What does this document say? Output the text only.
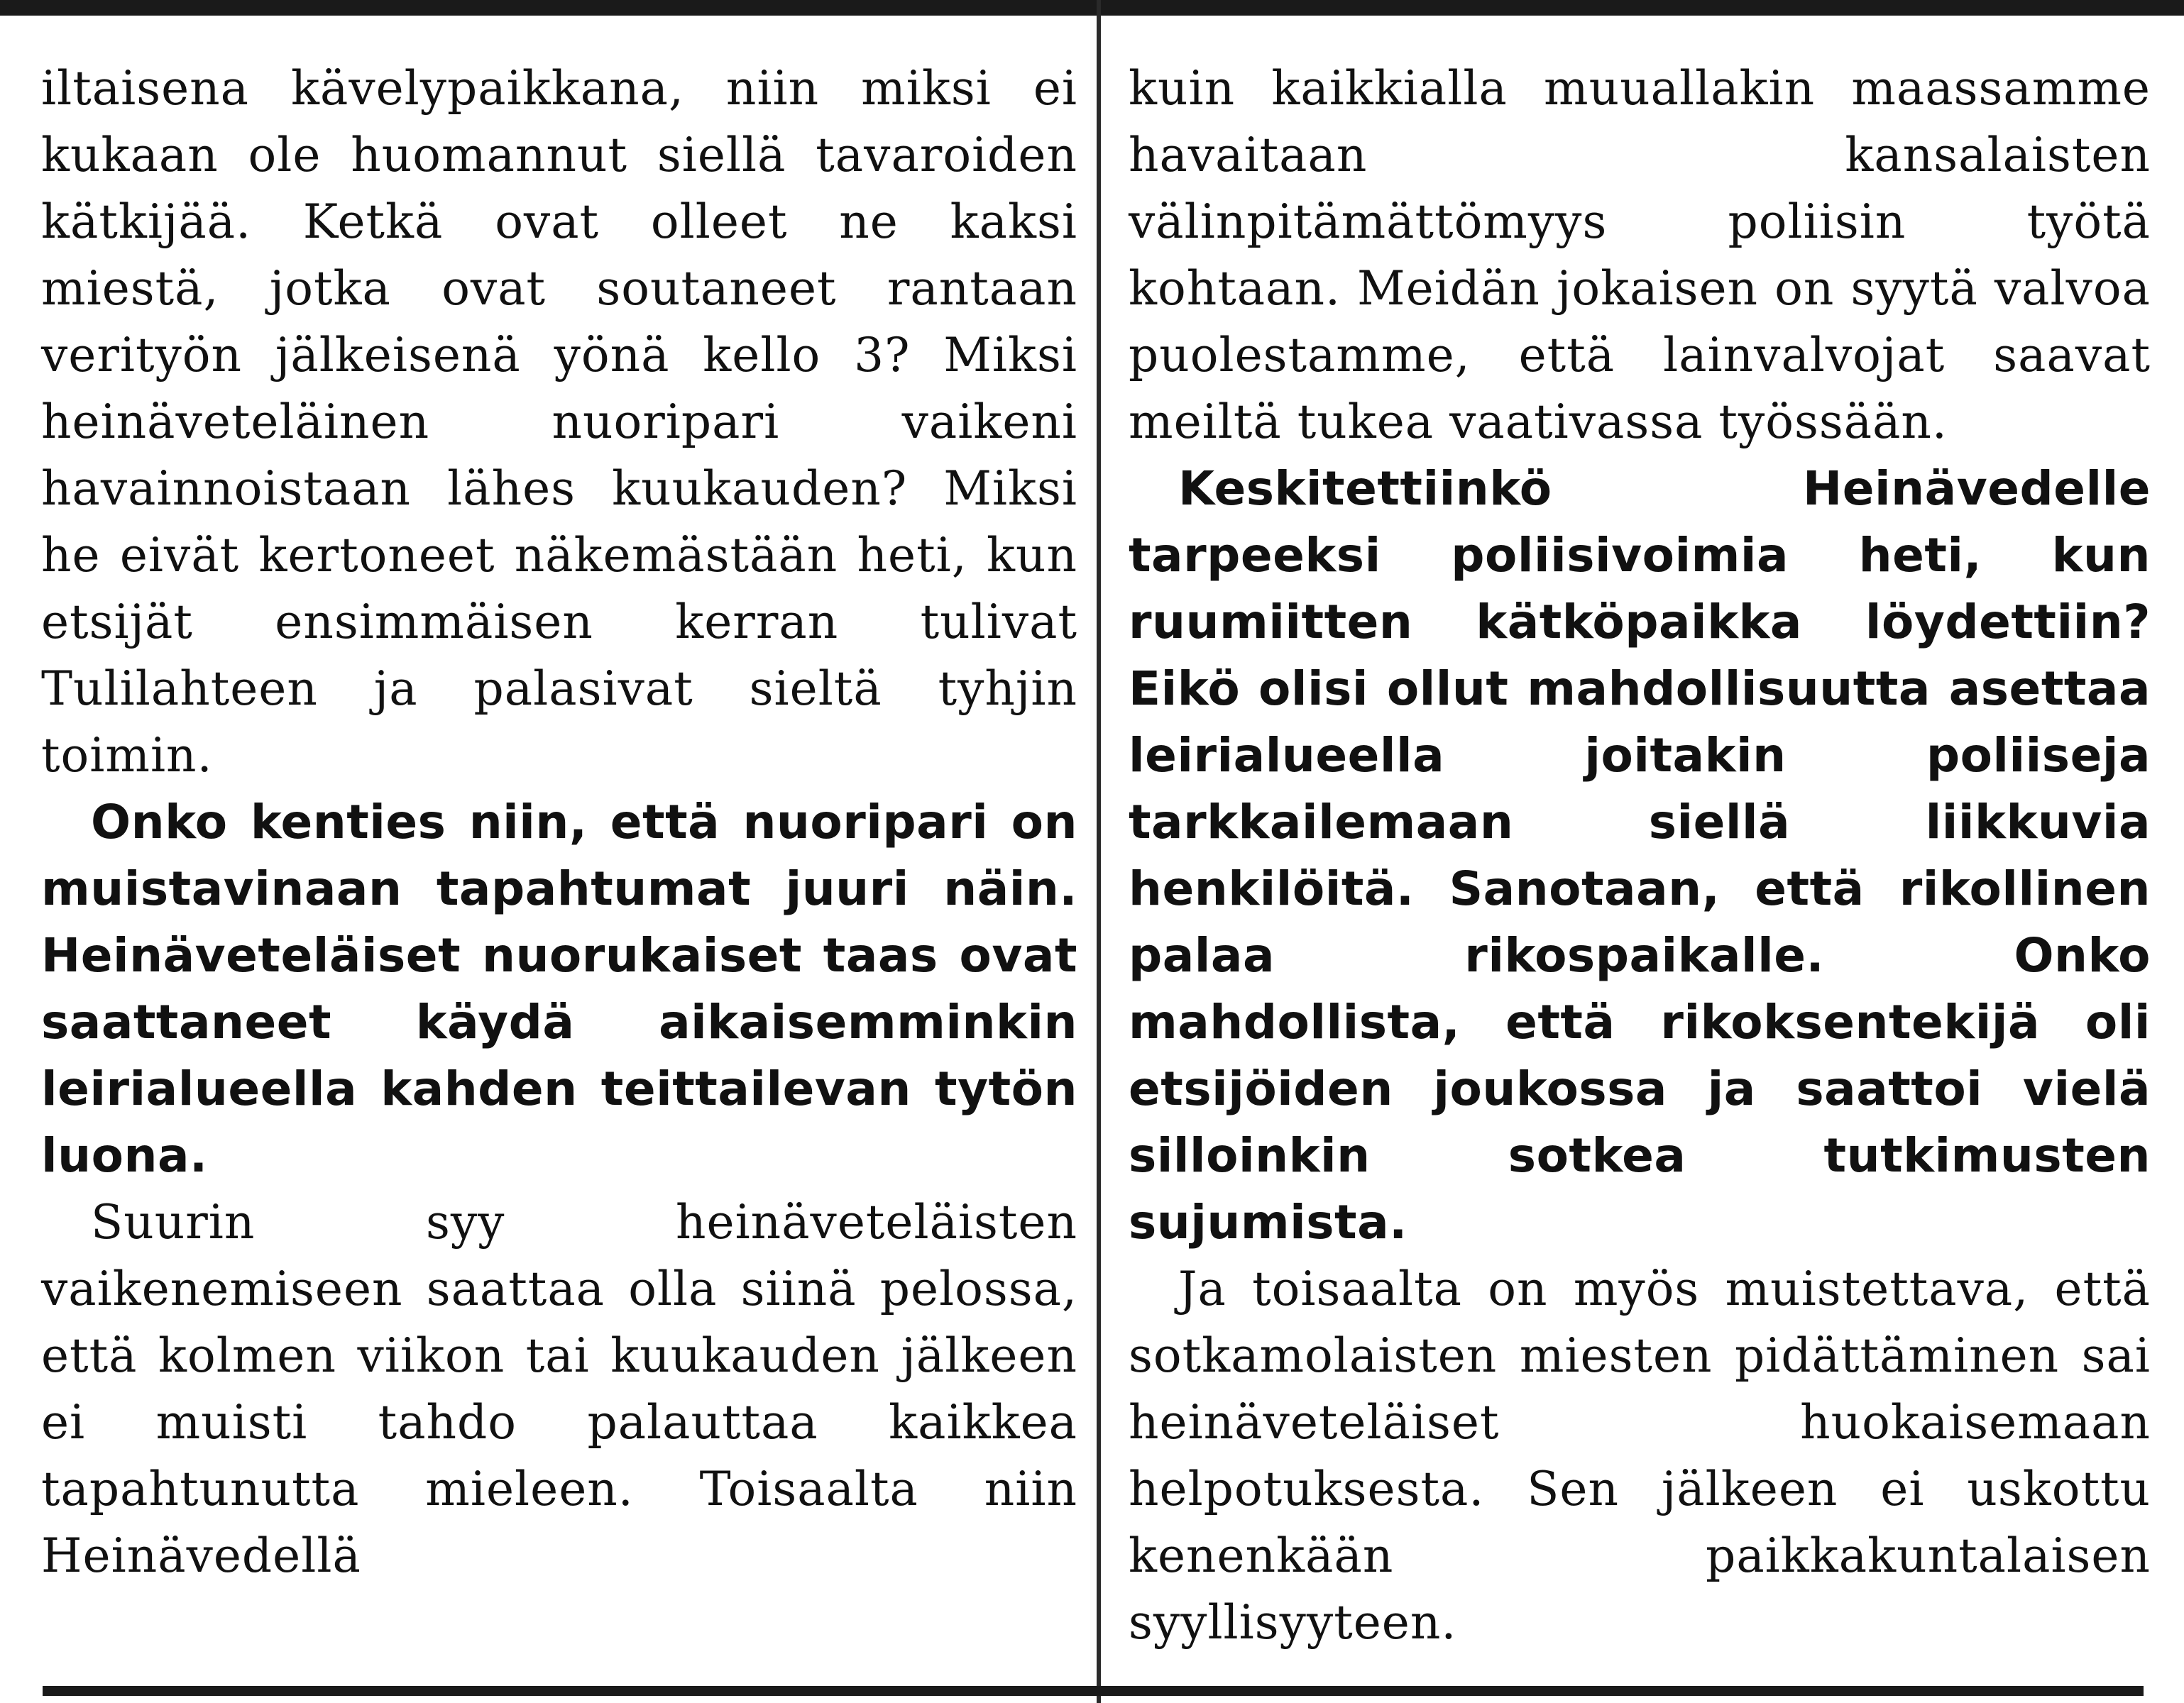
iltaisena kävelypaikkana, niin miksi ei kukaan ole huomannut siellä tavaroiden kätkijää. Ketkä ovat olleet ne kaksi miestä, jotka ovat soutaneet rantaan verityön jälkeisenä yönä kello 3? Miksi heinäveteläinen nuoripari vaikeni havainnoistaan lähes kuukauden? Miksi he eivät kertoneet näkemästään heti, kun etsijät ensimmäisen kerran tulivat Tulilahteen ja palasivat sieltä tyhjin toimin.

Onko kenties niin, että nuoripari on muistavinaan tapahtumat juuri näin. Heinäveteläiset nuorukaiset taas ovat saattaneet käydä aikaisemminkin leirialueella kahden teittailevan tytön luona.

Suurin syy heinäveteläisten vaikenemiseen saattaa olla siinä pelossa, että kolmen viikon tai kuukauden jälkeen ei muisti tahdo palauttaa kaikkea tapahtunutta mieleen. Toisaalta niin Heinävedellä

kuin kaikkialla muuallakin maassamme havaitaan kansalaisten välinpitämättömyys poliisin työtä kohtaan. Meidän jokaisen on syytä valvoa puolestamme, että lainvalvojat saavat meiltä tukea vaativassa työssään.

Keskitettiinkö Heinävedelle tarpeeksi poliisivoimia heti, kun ruumiitten kätköpaikka löydettiin? Eikö olisi ollut mahdollisuutta asettaa leirialueella joitakin poliiseja tarkkailemaan siellä liikkuvia henkilöitä. Sanotaan, että rikollinen palaa rikospaikalle. Onko mahdollista, että rikoksentekijä oli etsijöiden joukossa ja saattoi vielä silloinkin sotkea tutkimusten sujumista.

Ja toisaalta on myös muistettava, että sotkamolaisten miesten pidättäminen sai heinäveteläiset huokaisemaan helpotuksesta. Sen jälkeen ei uskottu kenenkään paikkakuntalaisen syyllisyyteen.
